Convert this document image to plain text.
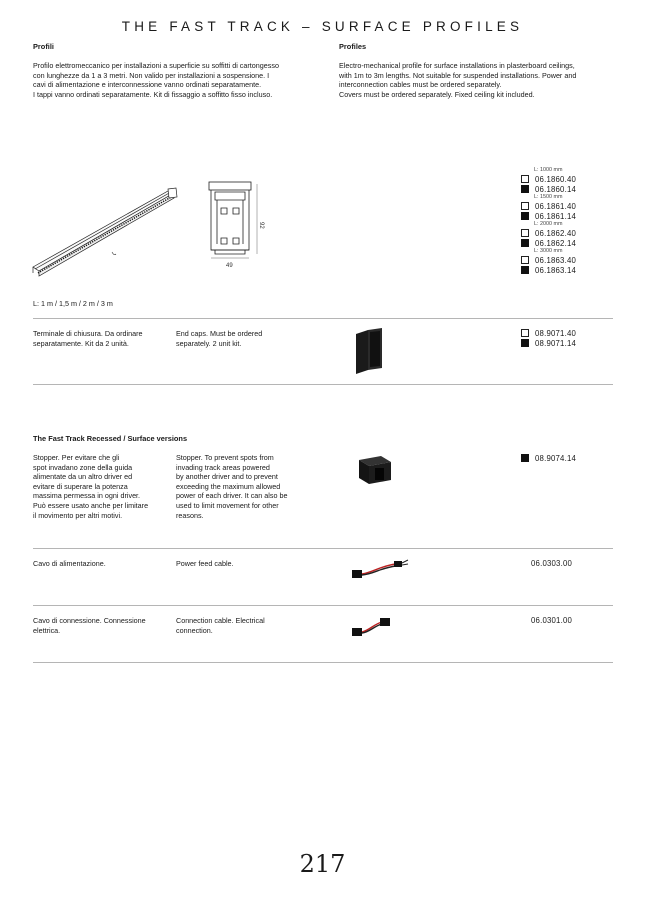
THE FAST TRACK – SURFACE PROFILES
Profili
Profilo elettromeccanico per installazioni a superficie su soffitti di cartongesso
con lunghezze da 1 a 3 metri. Non valido per installazioni a sospensione. I
cavi di alimentazione e interconnessione vanno ordinati separatamente.
I tappi vanno ordinati separatamente. Kit di fissaggio a soffitto fisso incluso.
Profiles
Electro-mechanical profile for surface installations in plasterboard ceilings,
with 1m to 3m lengths. Not suitable for suspended installations. Power and
interconnection cables must be ordered separately.
Covers must be ordered separately. Fixed ceiling kit included.
49
92
L: 1 m / 1,5 m / 2 m / 3 m
L: 1000 mm
06.1860.40
06.1860.14
L: 1500 mm
06.1861.40
06.1861.14
L: 2000 mm
06.1862.40
06.1862.14
L: 3000 mm
06.1863.40
06.1863.14
Terminale di chiusura. Da ordinare
separatamente. Kit da 2 unità.
End caps. Must be ordered
separately. 2 unit kit.
08.9071.40
08.9071.14
The Fast Track Recessed / Surface versions
Stopper. Per evitare che gli
spot invadano zone della guida
alimentate da un altro driver ed
evitare di superare la potenza
massima permessa in ogni driver.
Può essere usato anche per limitare
il movimento per altri motivi.
Stopper. To prevent spots from
invading track areas powered
by another driver and to prevent
exceeding the maximum allowed
power of each driver. It can also be
used to limit movement for other
reasons.
08.9074.14
Cavo di alimentazione.	Power feed cable.	06.0303.00
Cavo di connessione. Connessione
elettrica.
Connection cable. Electrical
connection.
06.0301.00
217
